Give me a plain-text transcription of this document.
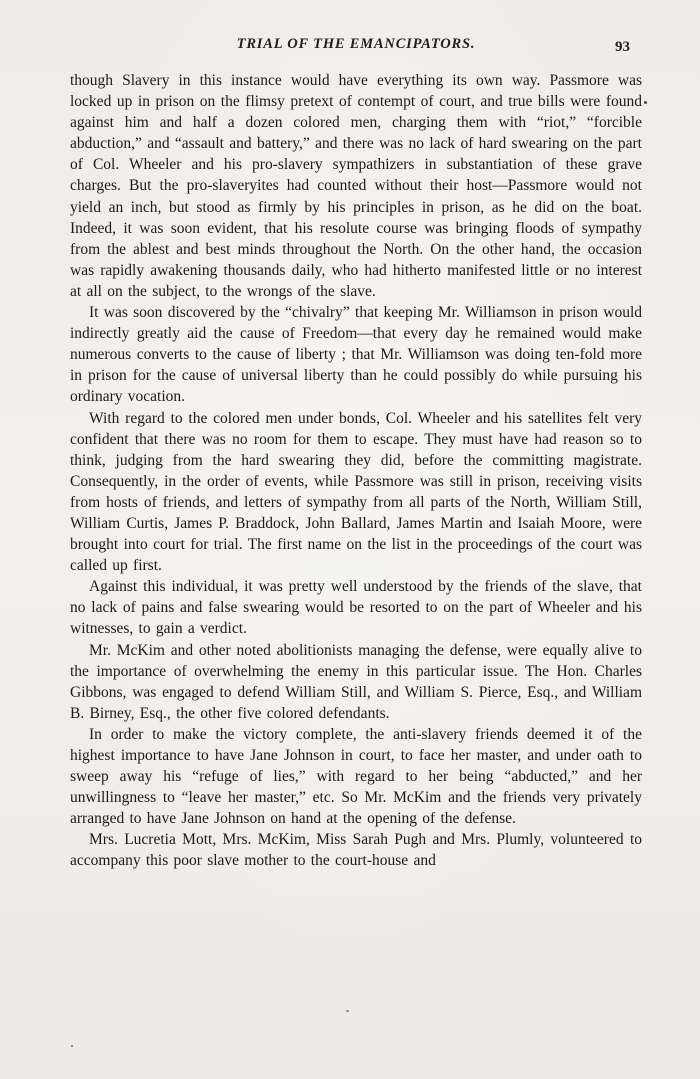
TRIAL OF THE EMANCIPATORS.	93

though Slavery in this instance would have everything its own way. Passmore was locked up in prison on the flimsy pretext of contempt of court, and true bills were found against him and half a dozen colored men, charging them with “riot,” “forcible abduction,” and “assault and battery,” and there was no lack of hard swearing on the part of Col. Wheeler and his pro-slavery sympathizers in substantiation of these grave charges. But the pro-slaveryites had counted without their host—Passmore would not yield an inch, but stood as firmly by his principles in prison, as he did on the boat. Indeed, it was soon evident, that his resolute course was bringing floods of sympathy from the ablest and best minds throughout the North. On the other hand, the occasion was rapidly awakening thousands daily, who had hitherto manifested little or no interest at all on the subject, to the wrongs of the slave.

It was soon discovered by the “chivalry” that keeping Mr. Williamson in prison would indirectly greatly aid the cause of Freedom—that every day he remained would make numerous converts to the cause of liberty ; that Mr. Williamson was doing ten-fold more in prison for the cause of universal liberty than he could possibly do while pursuing his ordinary vocation.

With regard to the colored men under bonds, Col. Wheeler and his satellites felt very confident that there was no room for them to escape. They must have had reason so to think, judging from the hard swearing they did, before the committing magistrate. Consequently, in the order of events, while Passmore was still in prison, receiving visits from hosts of friends, and letters of sympathy from all parts of the North, William Still, William Curtis, James P. Braddock, John Ballard, James Martin and Isaiah Moore, were brought into court for trial. The first name on the list in the proceedings of the court was called up first.

Against this individual, it was pretty well understood by the friends of the slave, that no lack of pains and false swearing would be resorted to on the part of Wheeler and his witnesses, to gain a verdict.

Mr. McKim and other noted abolitionists managing the defense, were equally alive to the importance of overwhelming the enemy in this particular issue. The Hon. Charles Gibbons, was engaged to defend William Still, and William S. Pierce, Esq., and William B. Birney, Esq., the other five colored defendants.

In order to make the victory complete, the anti-slavery friends deemed it of the highest importance to have Jane Johnson in court, to face her master, and under oath to sweep away his “refuge of lies,” with regard to her being “abducted,” and her unwillingness to “leave her master,” etc. So Mr. McKim and the friends very privately arranged to have Jane Johnson on hand at the opening of the defense.

Mrs. Lucretia Mott, Mrs. McKim, Miss Sarah Pugh and Mrs. Plumly, volunteered to accompany this poor slave mother to the court-house and
